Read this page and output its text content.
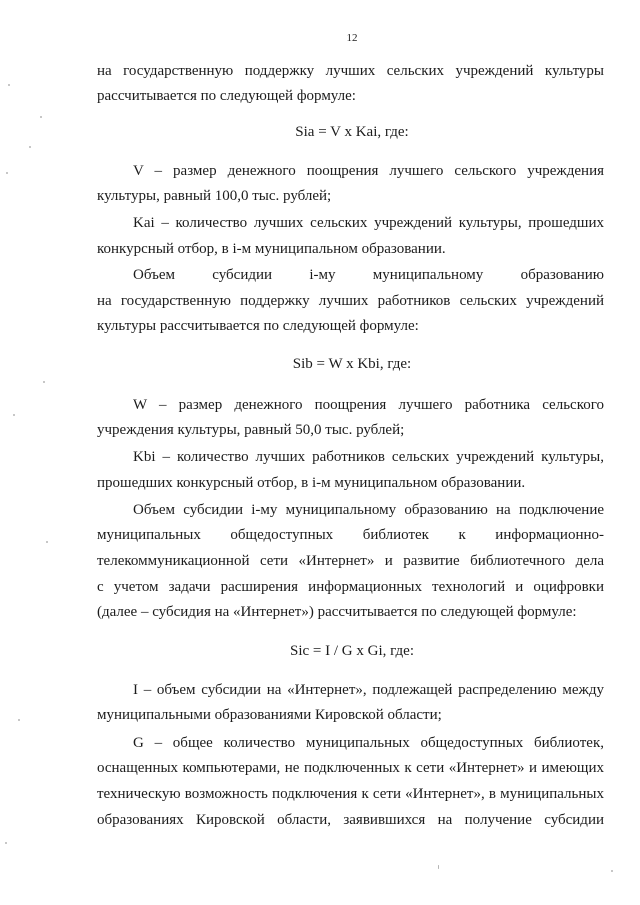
12
на государственную поддержку лучших сельских учреждений культуры
рассчитывается по следующей формуле:
Sia = V x Kai, где:
V – размер денежного поощрения лучшего сельского учреждения
культуры, равный 100,0 тыс. рублей;
Kai – количество лучших сельских учреждений культуры, прошедших
конкурсный отбор, в i-м муниципальном образовании.
Объем субсидии i-му муниципальному образованию
на государственную поддержку лучших работников сельских учреждений
культуры рассчитывается по следующей формуле:
Sib = W x Kbi, где:
W – размер денежного поощрения лучшего работника сельского
учреждения культуры, равный 50,0 тыс. рублей;
Kbi – количество лучших работников сельских учреждений культуры,
прошедших конкурсный отбор, в i-м муниципальном образовании.
Объем субсидии i-му муниципальному образованию на подключение
муниципальных общедоступных библиотек к информационно-
телекоммуникационной сети «Интернет» и развитие библиотечного дела
с учетом задачи расширения информационных технологий и оцифровки
(далее – субсидия на «Интернет») рассчитывается по следующей формуле:
Sic = I / G x Gi, где:
I – объем субсидии на «Интернет», подлежащей распределению между
муниципальными образованиями Кировской области;
G – общее количество муниципальных общедоступных библиотек,
оснащенных компьютерами, не подключенных к сети «Интернет» и имеющих
техническую возможность подключения к сети «Интернет», в муниципальных
образованиях Кировской области, заявившихся на получение субсидии
